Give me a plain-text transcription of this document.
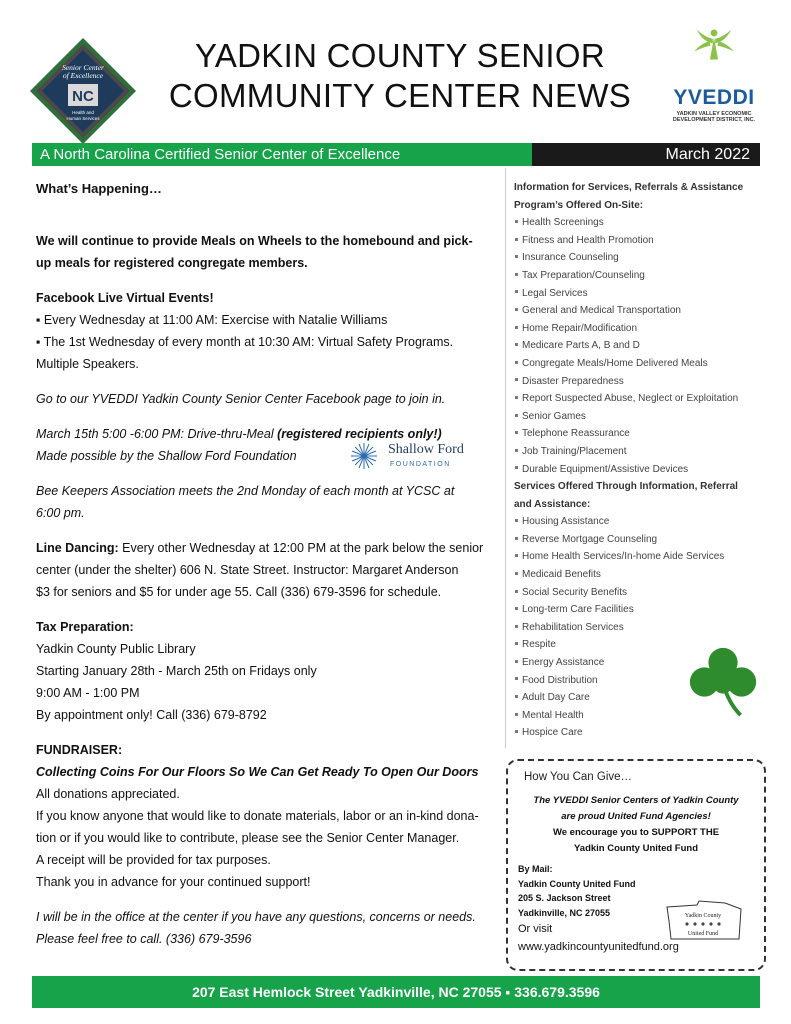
Senior Center
of Excellence
NC
Health and
Human Services
YADKIN COUNTY SENIOR
COMMUNITY CENTER NEWS	YVEDDI
YADKIN VALLEY ECONOMIC
DEVELOPMENT DISTRICT, INC.
A North Carolina Certified Senior Center of Excellence	March 2022
What’s Happening…
We will continue to provide Meals on Wheels to the homebound and pick-
up meals for registered congregate members.
Facebook Live Virtual Events!
▪ Every Wednesday at 11:00 AM: Exercise with Natalie Williams
▪ The 1st Wednesday of every month at 10:30 AM: Virtual Safety Programs.
Multiple Speakers.
Go to our YVEDDI Yadkin County Senior Center Facebook page to join in.
March 15th 5:00 -6:00 PM: Drive-thru-Meal (registered recipients only!)
Made possible by the Shallow Ford Foundation
Bee Keepers Association meets the 2nd Monday of each month at YCSC at
6:00 pm.
Line Dancing: Every other Wednesday at 12:00 PM at the park below the senior
center (under the shelter) 606 N. State Street. Instructor: Margaret Anderson
$3 for seniors and $5 for under age 55. Call (336) 679-3596 for schedule.
Tax Preparation:
Yadkin County Public Library
Starting January 28th - March 25th on Fridays only
9:00 AM - 1:00 PM
By appointment only! Call (336) 679-8792
FUNDRAISER:
Collecting Coins For Our Floors So We Can Get Ready To Open Our Doors
All donations appreciated.
If you know anyone that would like to donate materials, labor or an in-kind dona-
tion or if you would like to contribute, please see the Senior Center Manager.
A receipt will be provided for tax purposes.
Thank you in advance for your continued support!
I will be in the office at the center if you have any questions, concerns or needs.
Please feel free to call. (336) 679-3596
Shallow Ford
FOUNDATION
Information for Services, Referrals & Assistance
Program’s Offered On-Site:
Health Screenings
Fitness and Health Promotion
Insurance Counseling
Tax Preparation/Counseling
Legal Services
General and Medical Transportation
Home Repair/Modification
Medicare Parts A, B and D
Congregate Meals/Home Delivered Meals
Disaster Preparedness
Report Suspected Abuse, Neglect or Exploitation
Senior Games
Telephone Reassurance
Job Training/Placement
Durable Equipment/Assistive Devices
Services Offered Through Information, Referral
and Assistance:
Housing Assistance
Reverse Mortgage Counseling
Home Health Services/In-home Aide Services
Medicaid Benefits
Social Security Benefits
Long-term Care Facilities
Rehabilitation Services
Respite
Energy Assistance
Food Distribution
Adult Day Care
Mental Health
Hospice Care
How You Can Give…
The YVEDDI Senior Centers of Yadkin County
are proud United Fund Agencies!
We encourage you to SUPPORT THE
Yadkin County United Fund
By Mail:
Yadkin County United Fund
205 S. Jackson Street
Yadkinville, NC 27055
Or visit
www.yadkincountyunitedfund.org
Yadkin County
United Fund
207 East Hemlock Street Yadkinville, NC 27055 ▪ 336.679.3596
